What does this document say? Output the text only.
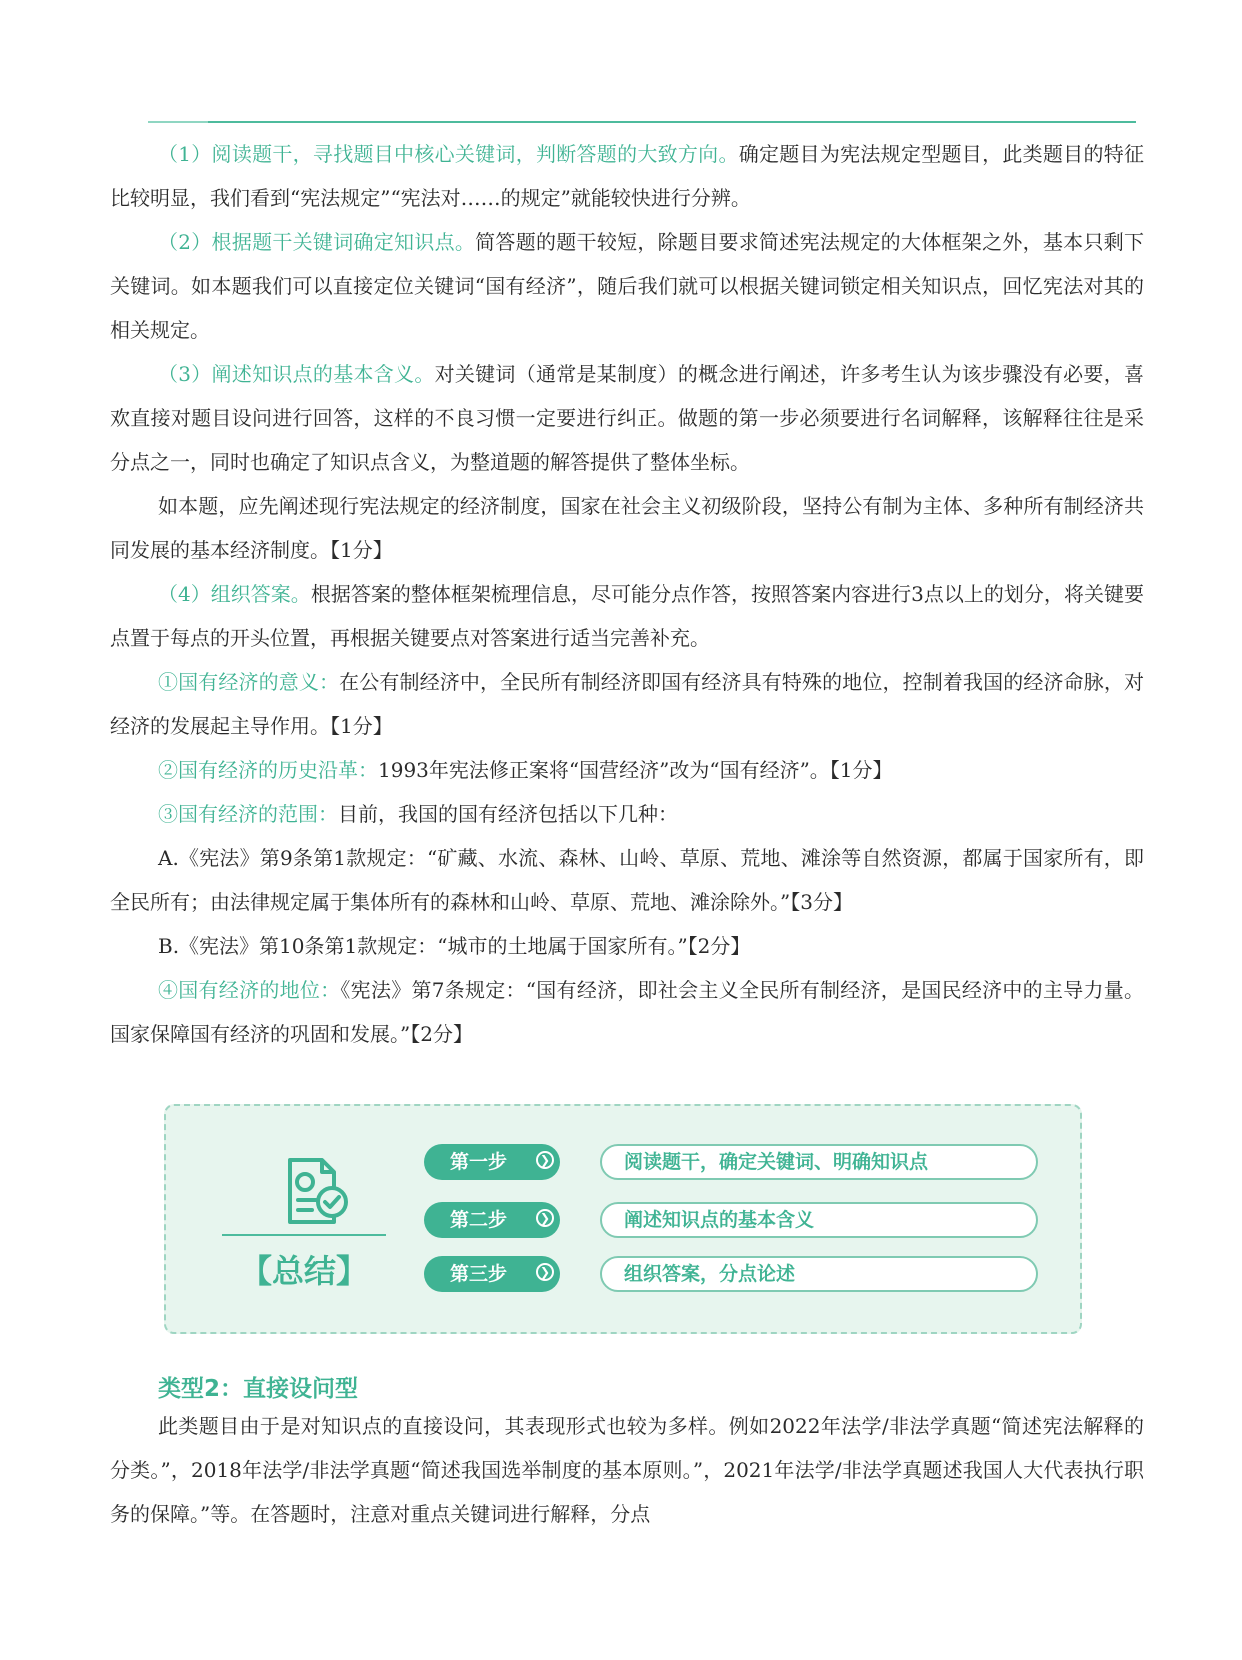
（1）阅读题干，寻找题目中核心关键词，判断答题的大致方向。确定题目为宪法规定型题目，此类题目的特征比较明显，我们看到“宪法规定”“宪法对……的规定”就能较快进行分辨。

（2）根据题干关键词确定知识点。简答题的题干较短，除题目要求简述宪法规定的大体框架之外，基本只剩下关键词。如本题我们可以直接定位关键词“国有经济”，随后我们就可以根据关键词锁定相关知识点，回忆宪法对其的相关规定。

（3）阐述知识点的基本含义。对关键词（通常是某制度）的概念进行阐述，许多考生认为该步骤没有必要，喜欢直接对题目设问进行回答，这样的不良习惯一定要进行纠正。做题的第一步必须要进行名词解释，该解释往往是采分点之一，同时也确定了知识点含义，为整道题的解答提供了整体坐标。

如本题，应先阐述现行宪法规定的经济制度，国家在社会主义初级阶段，坚持公有制为主体、多种所有制经济共同发展的基本经济制度。【1分】

（4）组织答案。根据答案的整体框架梳理信息，尽可能分点作答，按照答案内容进行3点以上的划分，将关键要点置于每点的开头位置，再根据关键要点对答案进行适当完善补充。

①国有经济的意义：在公有制经济中，全民所有制经济即国有经济具有特殊的地位，控制着我国的经济命脉，对经济的发展起主导作用。【1分】

②国有经济的历史沿革：1993年宪法修正案将“国营经济”改为“国有经济”。【1分】

③国有经济的范围：目前，我国的国有经济包括以下几种：

A.《宪法》第9条第1款规定：“矿藏、水流、森林、山岭、草原、荒地、滩涂等自然资源，都属于国家所有，即全民所有；由法律规定属于集体所有的森林和山岭、草原、荒地、滩涂除外。”【3分】

B.《宪法》第10条第1款规定：“城市的土地属于国家所有。”【2分】

④国有经济的地位：《宪法》第7条规定：“国有经济，即社会主义全民所有制经济，是国民经济中的主导力量。国家保障国有经济的巩固和发展。”【2分】

【总结】
第一步	❯	阅读题干，确定关键词、明确知识点
第二步	❯	阐述知识点的基本含义
第三步	❯	组织答案，分点论述
类型2：直接设问型

此类题目由于是对知识点的直接设问，其表现形式也较为多样。例如2022年法学/非法学真题“简述宪法解释的分类。”，2018年法学/非法学真题“简述我国选举制度的基本原则。”，2021年法学/非法学真题述我国人大代表执行职务的保障。”等。在答题时，注意对重点关键词进行解释，分点
